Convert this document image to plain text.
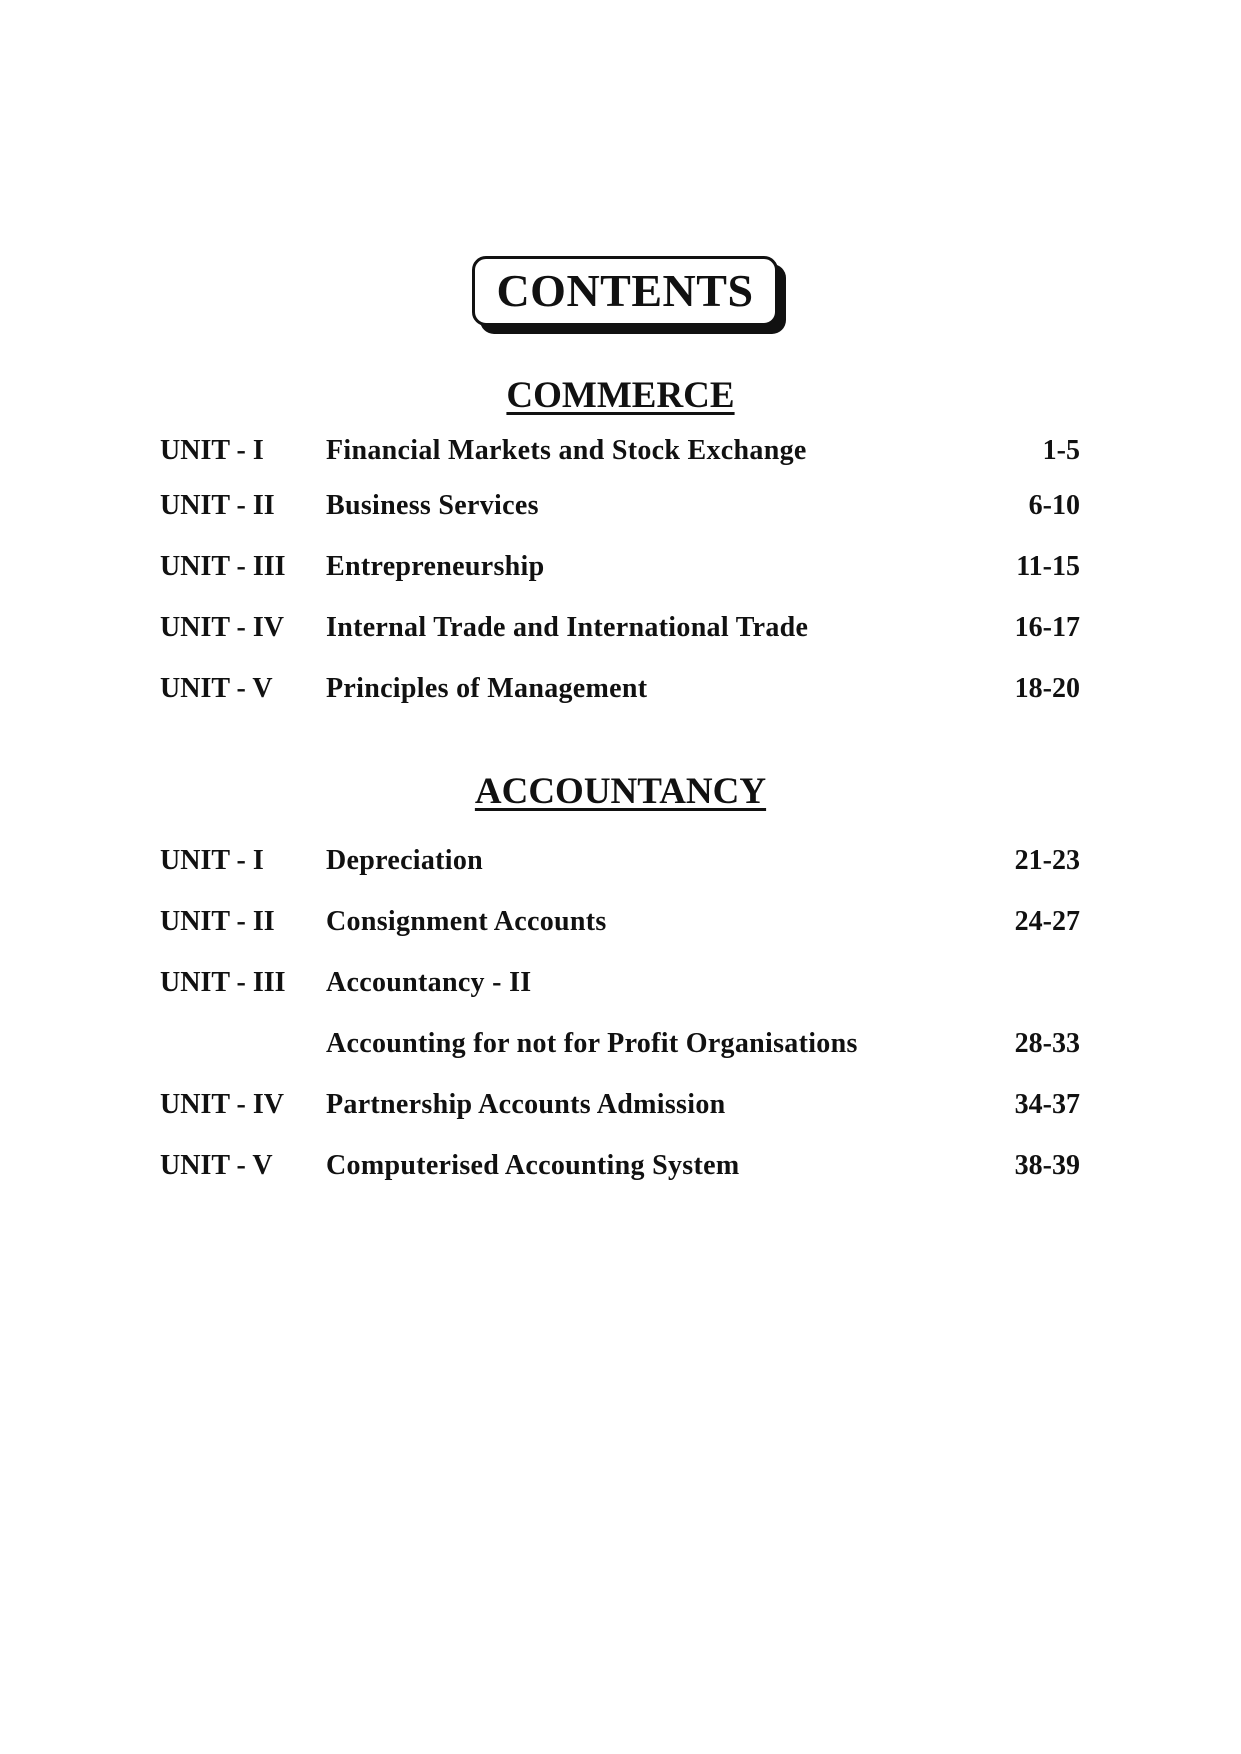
CONTENTS
COMMERCE
UNIT - I Financial Markets and Stock Exchange	1-5
UNIT - II Business Services	6-10
UNIT - III Entrepreneurship	11-15
UNIT - IV Internal Trade and International Trade	16-17
UNIT - V Principles of Management	18-20
ACCOUNTANCY
UNIT - I Depreciation	21-23
UNIT - II Consignment Accounts	24-27
UNIT - III Accountancy - II
Accounting for not for Profit Organisations	28-33
UNIT - IV Partnership Accounts Admission	34-37
UNIT - V Computerised Accounting System	38-39
